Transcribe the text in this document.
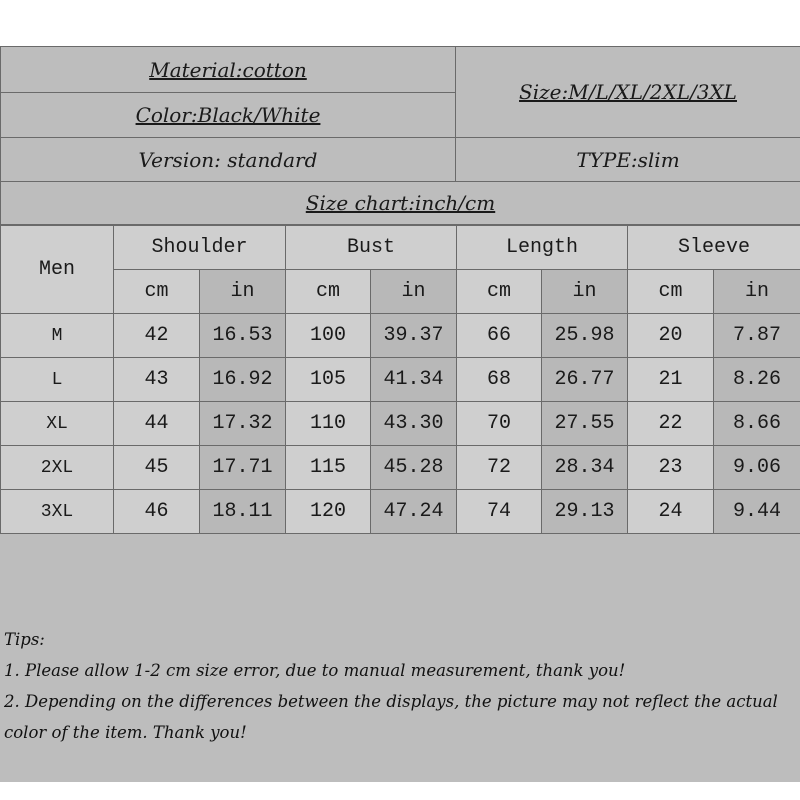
Material:cotton	Size:M/L/XL/2XL/3XL
Color:Black/White	
Version: standard	TYPE:slim
Size chart:inch/cm	
Men	Shoulder		Bust		Length		Sleeve	
	cm	in	cm	in	cm	in	cm	in
M	42	16.53	100	39.37	66	25.98	20	7.87
L	43	16.92	105	41.34	68	26.77	21	8.26
XL	44	17.32	110	43.30	70	27.55	22	8.66
2XL	45	17.71	115	45.28	72	28.34	23	9.06
3XL	46	18.11	120	47.24	74	29.13	24	9.44
Tips:
1. Please allow 1-2 cm size error, due to manual measurement, thank you!
2. Depending on the differences between the displays, the picture may not reflect the actual
color of the item. Thank you!
